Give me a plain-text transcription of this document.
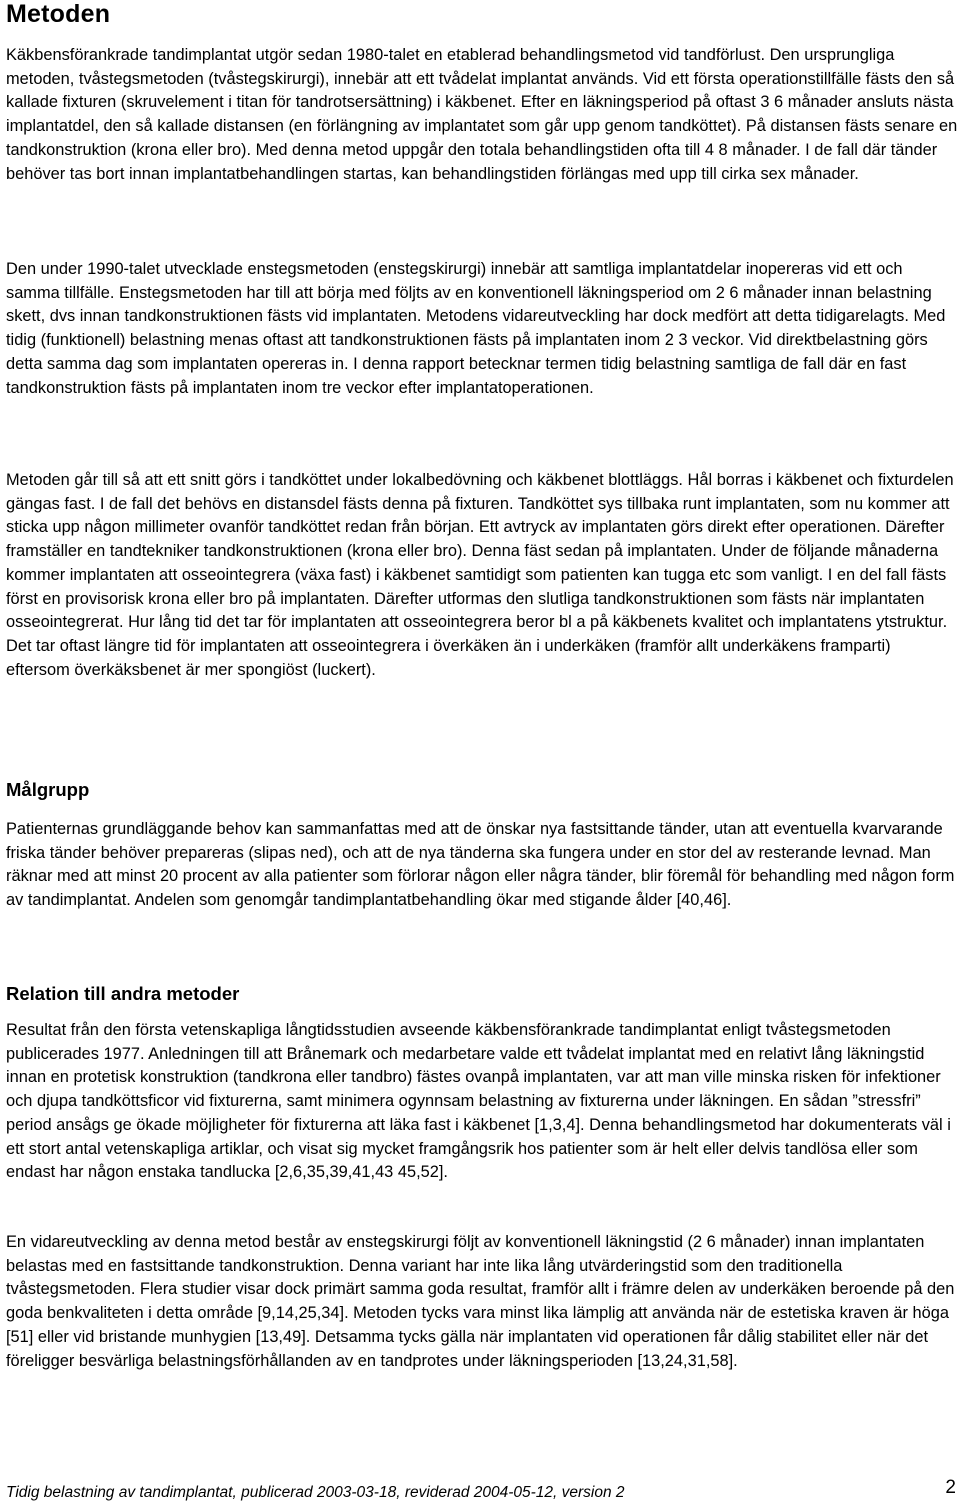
Metoden

Käkbensförankrade tandimplantat utgör sedan 1980-talet en etablerad behandlingsmetod vid tandförlust. Den ursprungliga metoden, tvåstegsmetoden (tvåstegskirurgi), innebär att ett tvådelat implantat används. Vid ett första operationstillfälle fästs den så kallade fixturen (skruvelement i titan för tandrotsersättning) i käkbenet. Efter en läkningsperiod på oftast 3 6 månader ansluts nästa implantatdel, den så kallade distansen (en förlängning av implantatet som går upp genom tandköttet). På distansen fästs senare en tandkonstruktion (krona eller bro). Med denna metod uppgår den totala behandlingstiden ofta till 4 8 månader. I de fall där tänder behöver tas bort innan implantatbehandlingen startas, kan behandlingstiden förlängas med upp till cirka sex månader.

Den under 1990-talet utvecklade enstegsmetoden (enstegskirurgi) innebär att samtliga implantatdelar inopereras vid ett och samma tillfälle. Enstegsmetoden har till att börja med följts av en konventionell läkningsperiod om 2 6 månader innan belastning skett, dvs innan tandkonstruktionen fästs vid implantaten. Metodens vidareutveckling har dock medfört att detta tidigarelagts. Med tidig (funktionell) belastning menas oftast att tandkonstruktionen fästs på implantaten inom 2 3 veckor. Vid direktbelastning görs detta samma dag som implantaten opereras in. I denna rapport betecknar termen tidig belastning samtliga de fall där en fast tandkonstruktion fästs på implantaten inom tre veckor efter implantatoperationen.

Metoden går till så att ett snitt görs i tandköttet under lokalbedövning och käkbenet blottläggs. Hål borras i käkbenet och fixturdelen gängas fast. I de fall det behövs en distansdel fästs denna på fixturen. Tandköttet sys tillbaka runt implantaten, som nu kommer att sticka upp någon millimeter ovanför tandköttet redan från början. Ett avtryck av implantaten görs direkt efter operationen. Därefter framställer en tandtekniker tandkonstruktionen (krona eller bro). Denna fäst sedan på implantaten. Under de följande månaderna kommer implantaten att osseointegrera (växa fast) i käkbenet samtidigt som patienten kan tugga etc som vanligt. I en del fall fästs först en provisorisk krona eller bro på implantaten. Därefter utformas den slutliga tandkonstruktionen som fästs när implantaten osseointegrerat. Hur lång tid det tar för implantaten att osseointegrera beror bl a på käkbenets kvalitet och implantatens ytstruktur. Det tar oftast längre tid för implantaten att osseointegrera i överkäken än i underkäken (framför allt underkäkens framparti) eftersom överkäksbenet är mer spongiöst (luckert).

Målgrupp

Patienternas grundläggande behov kan sammanfattas med att de önskar nya fastsittande tänder, utan att eventuella kvarvarande friska tänder behöver prepareras (slipas ned), och att de nya tänderna ska fungera under en stor del av resterande levnad. Man räknar med att minst 20 procent av alla patienter som förlorar någon eller några tänder, blir föremål för behandling med någon form av tandimplantat. Andelen som genomgår tandimplantatbehandling ökar med stigande ålder [40,46].

Relation till andra metoder

Resultat från den första vetenskapliga långtidsstudien avseende käkbensförankrade tandimplantat enligt tvåstegsmetoden publicerades 1977. Anledningen till att Brånemark och medarbetare valde ett tvådelat implantat med en relativt lång läkningstid innan en protetisk konstruktion (tandkrona eller tandbro) fästes ovanpå implantaten, var att man ville minska risken för infektioner och djupa tandköttsficor vid fixturerna, samt minimera ogynnsam belastning av fixturerna under läkningen. En sådan ”stressfri” period ansågs ge ökade möjligheter för fixturerna att läka fast i käkbenet [1,3,4]. Denna behandlingsmetod har dokumenterats väl i ett stort antal vetenskapliga artiklar, och visat sig mycket framgångsrik hos patienter som är helt eller delvis tandlösa eller som endast har någon enstaka tandlucka [2,6,35,39,41,43 45,52].

En vidareutveckling av denna metod består av enstegskirurgi följt av konventionell läkningstid (2 6 månader) innan implantaten belastas med en fastsittande tandkonstruktion. Denna variant har inte lika lång utvärderingstid som den traditionella tvåstegsmetoden. Flera studier visar dock primärt samma goda resultat, framför allt i främre delen av underkäken beroende på den goda benkvaliteten i detta område [9,14,25,34]. Metoden tycks vara minst lika lämplig att använda när de estetiska kraven är höga [51] eller vid bristande munhygien [13,49]. Detsamma tycks gälla när implantaten vid operationen får dålig stabilitet eller när det föreligger besvärliga belastningsförhållanden av en tandprotes under läkningsperioden [13,24,31,58].

Tidig belastning av tandimplantat, publicerad 2003-03-18, reviderad 2004-05-12, version 2	2
